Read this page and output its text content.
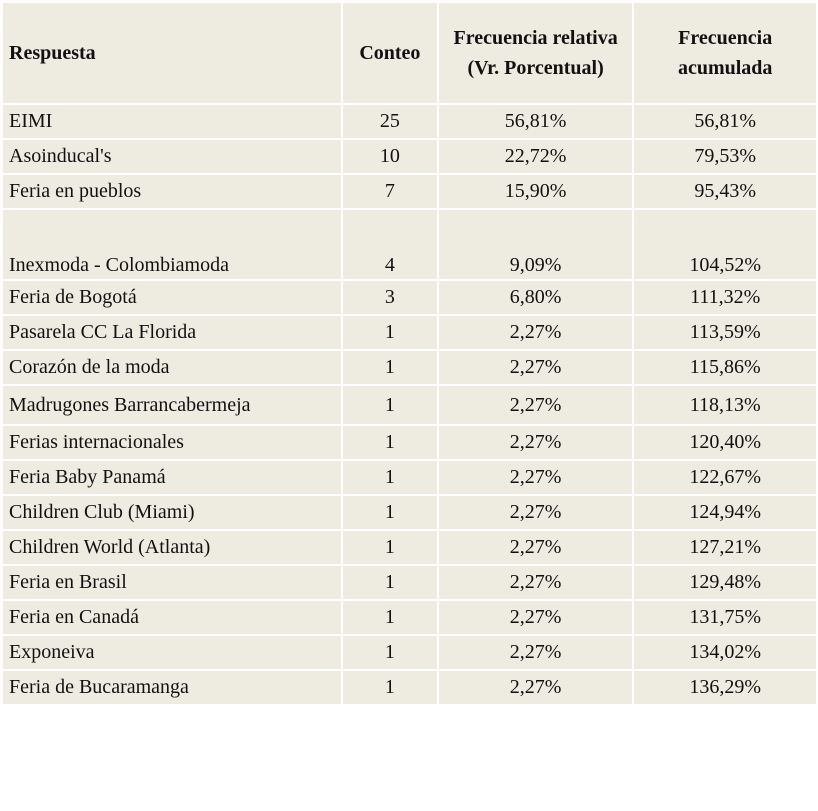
Respuesta	Conteo	Frecuencia relativa (Vr. Porcentual)	Frecuencia acumulada
EIMI	25	56,81%	56,81%
Asoinducal's	10	22,72%	79,53%
Feria en pueblos	7	15,90%	95,43%
Inexmoda - Colombiamoda	4	9,09%	104,52%
Feria de Bogotá	3	6,80%	111,32%
Pasarela CC La Florida	1	2,27%	113,59%
Corazón de la moda	1	2,27%	115,86%
Madrugones Barrancabermeja	1	2,27%	118,13%
Ferias internacionales	1	2,27%	120,40%
Feria Baby Panamá	1	2,27%	122,67%
Children Club (Miami)	1	2,27%	124,94%
Children World (Atlanta)	1	2,27%	127,21%
Feria en Brasil	1	2,27%	129,48%
Feria en Canadá	1	2,27%	131,75%
Exponeiva	1	2,27%	134,02%
Feria de Bucaramanga	1	2,27%	136,29%
